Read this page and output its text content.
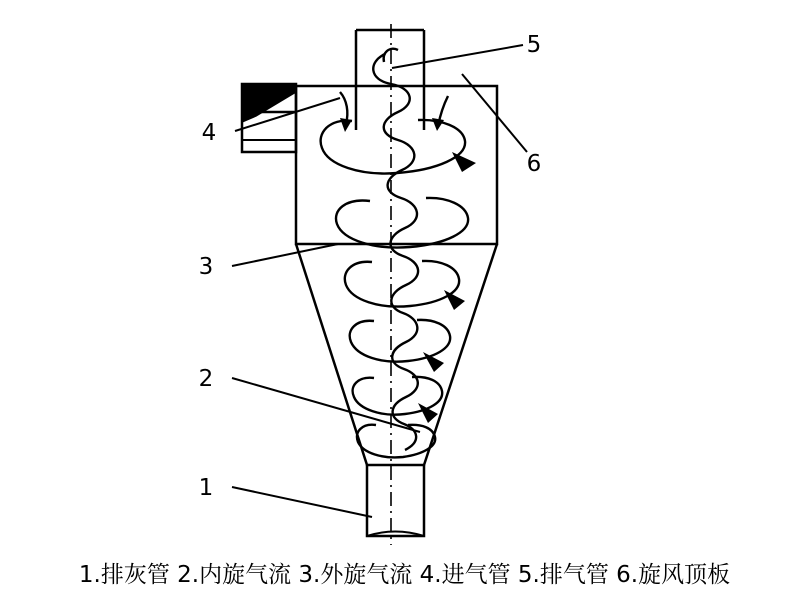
1
2
3
4
5
6
1.排灰管 2.内旋气流 3.外旋气流 4.进气管 5.排气管 6.旋风顶板
